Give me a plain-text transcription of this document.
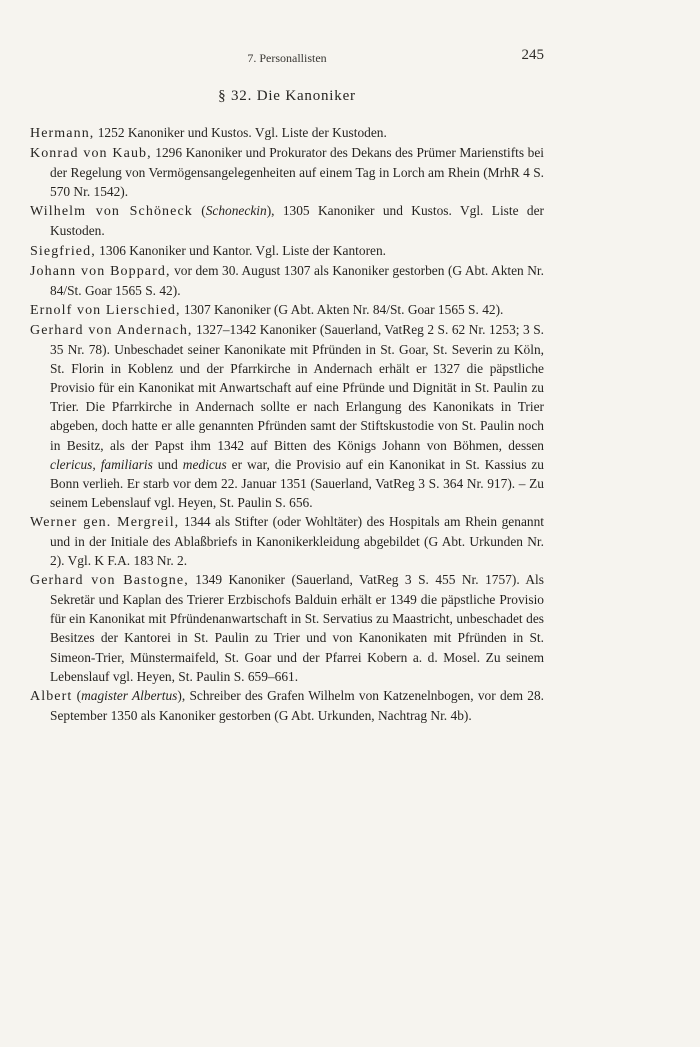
7. Personallisten	245
§ 32. Die Kanoniker

Hermann, 1252 Kanoniker und Kustos. Vgl. Liste der Kustoden.

Konrad von Kaub, 1296 Kanoniker und Prokurator des Dekans des Prümer Marienstifts bei der Regelung von Vermögensangelegenheiten auf einem Tag in Lorch am Rhein (MrhR 4 S. 570 Nr. 1542).

Wilhelm von Schöneck (Schoneckin), 1305 Kanoniker und Kustos. Vgl. Liste der Kustoden.

Siegfried, 1306 Kanoniker und Kantor. Vgl. Liste der Kantoren.

Johann von Boppard, vor dem 30. August 1307 als Kanoniker gestorben (G Abt. Akten Nr. 84/St. Goar 1565 S. 42).

Ernolf von Lierschied, 1307 Kanoniker (G Abt. Akten Nr. 84/St. Goar 1565 S. 42).

Gerhard von Andernach, 1327–1342 Kanoniker (Sauerland, VatReg 2 S. 62 Nr. 1253; 3 S. 35 Nr. 78). Unbeschadet seiner Kanonikate mit Pfründen in St. Goar, St. Severin zu Köln, St. Florin in Koblenz und der Pfarrkirche in Andernach erhält er 1327 die päpstliche Provisio für ein Kanonikat mit Anwartschaft auf eine Pfründe und Dignität in St. Paulin zu Trier. Die Pfarrkirche in Andernach sollte er nach Erlangung des Kanonikats in Trier abgeben, doch hatte er alle genannten Pfründen samt der Stiftskustodie von St. Paulin noch in Besitz, als der Papst ihm 1342 auf Bitten des Königs Johann von Böhmen, dessen clericus, familiaris und medicus er war, die Provisio auf ein Kanonikat in St. Kassius zu Bonn verlieh. Er starb vor dem 22. Januar 1351 (Sauerland, VatReg 3 S. 364 Nr. 917). – Zu seinem Lebenslauf vgl. Heyen, St. Paulin S. 656.

Werner gen. Mergreil, 1344 als Stifter (oder Wohltäter) des Hospitals am Rhein genannt und in der Initiale des Ablaßbriefs in Kanonikerkleidung abgebildet (G Abt. Urkunden Nr. 2). Vgl. K F.A. 183 Nr. 2.

Gerhard von Bastogne, 1349 Kanoniker (Sauerland, VatReg 3 S. 455 Nr. 1757). Als Sekretär und Kaplan des Trierer Erzbischofs Balduin erhält er 1349 die päpstliche Provisio für ein Kanonikat mit Pfründenanwartschaft in St. Servatius zu Maastricht, unbeschadet des Besitzes der Kantorei in St. Paulin zu Trier und von Kanonikaten mit Pfründen in St. Simeon-Trier, Münstermaifeld, St. Goar und der Pfarrei Kobern a. d. Mosel. Zu seinem Lebenslauf vgl. Heyen, St. Paulin S. 659–661.

Albert (magister Albertus), Schreiber des Grafen Wilhelm von Katzenelnbogen, vor dem 28. September 1350 als Kanoniker gestorben (G Abt. Urkunden, Nachtrag Nr. 4b).
